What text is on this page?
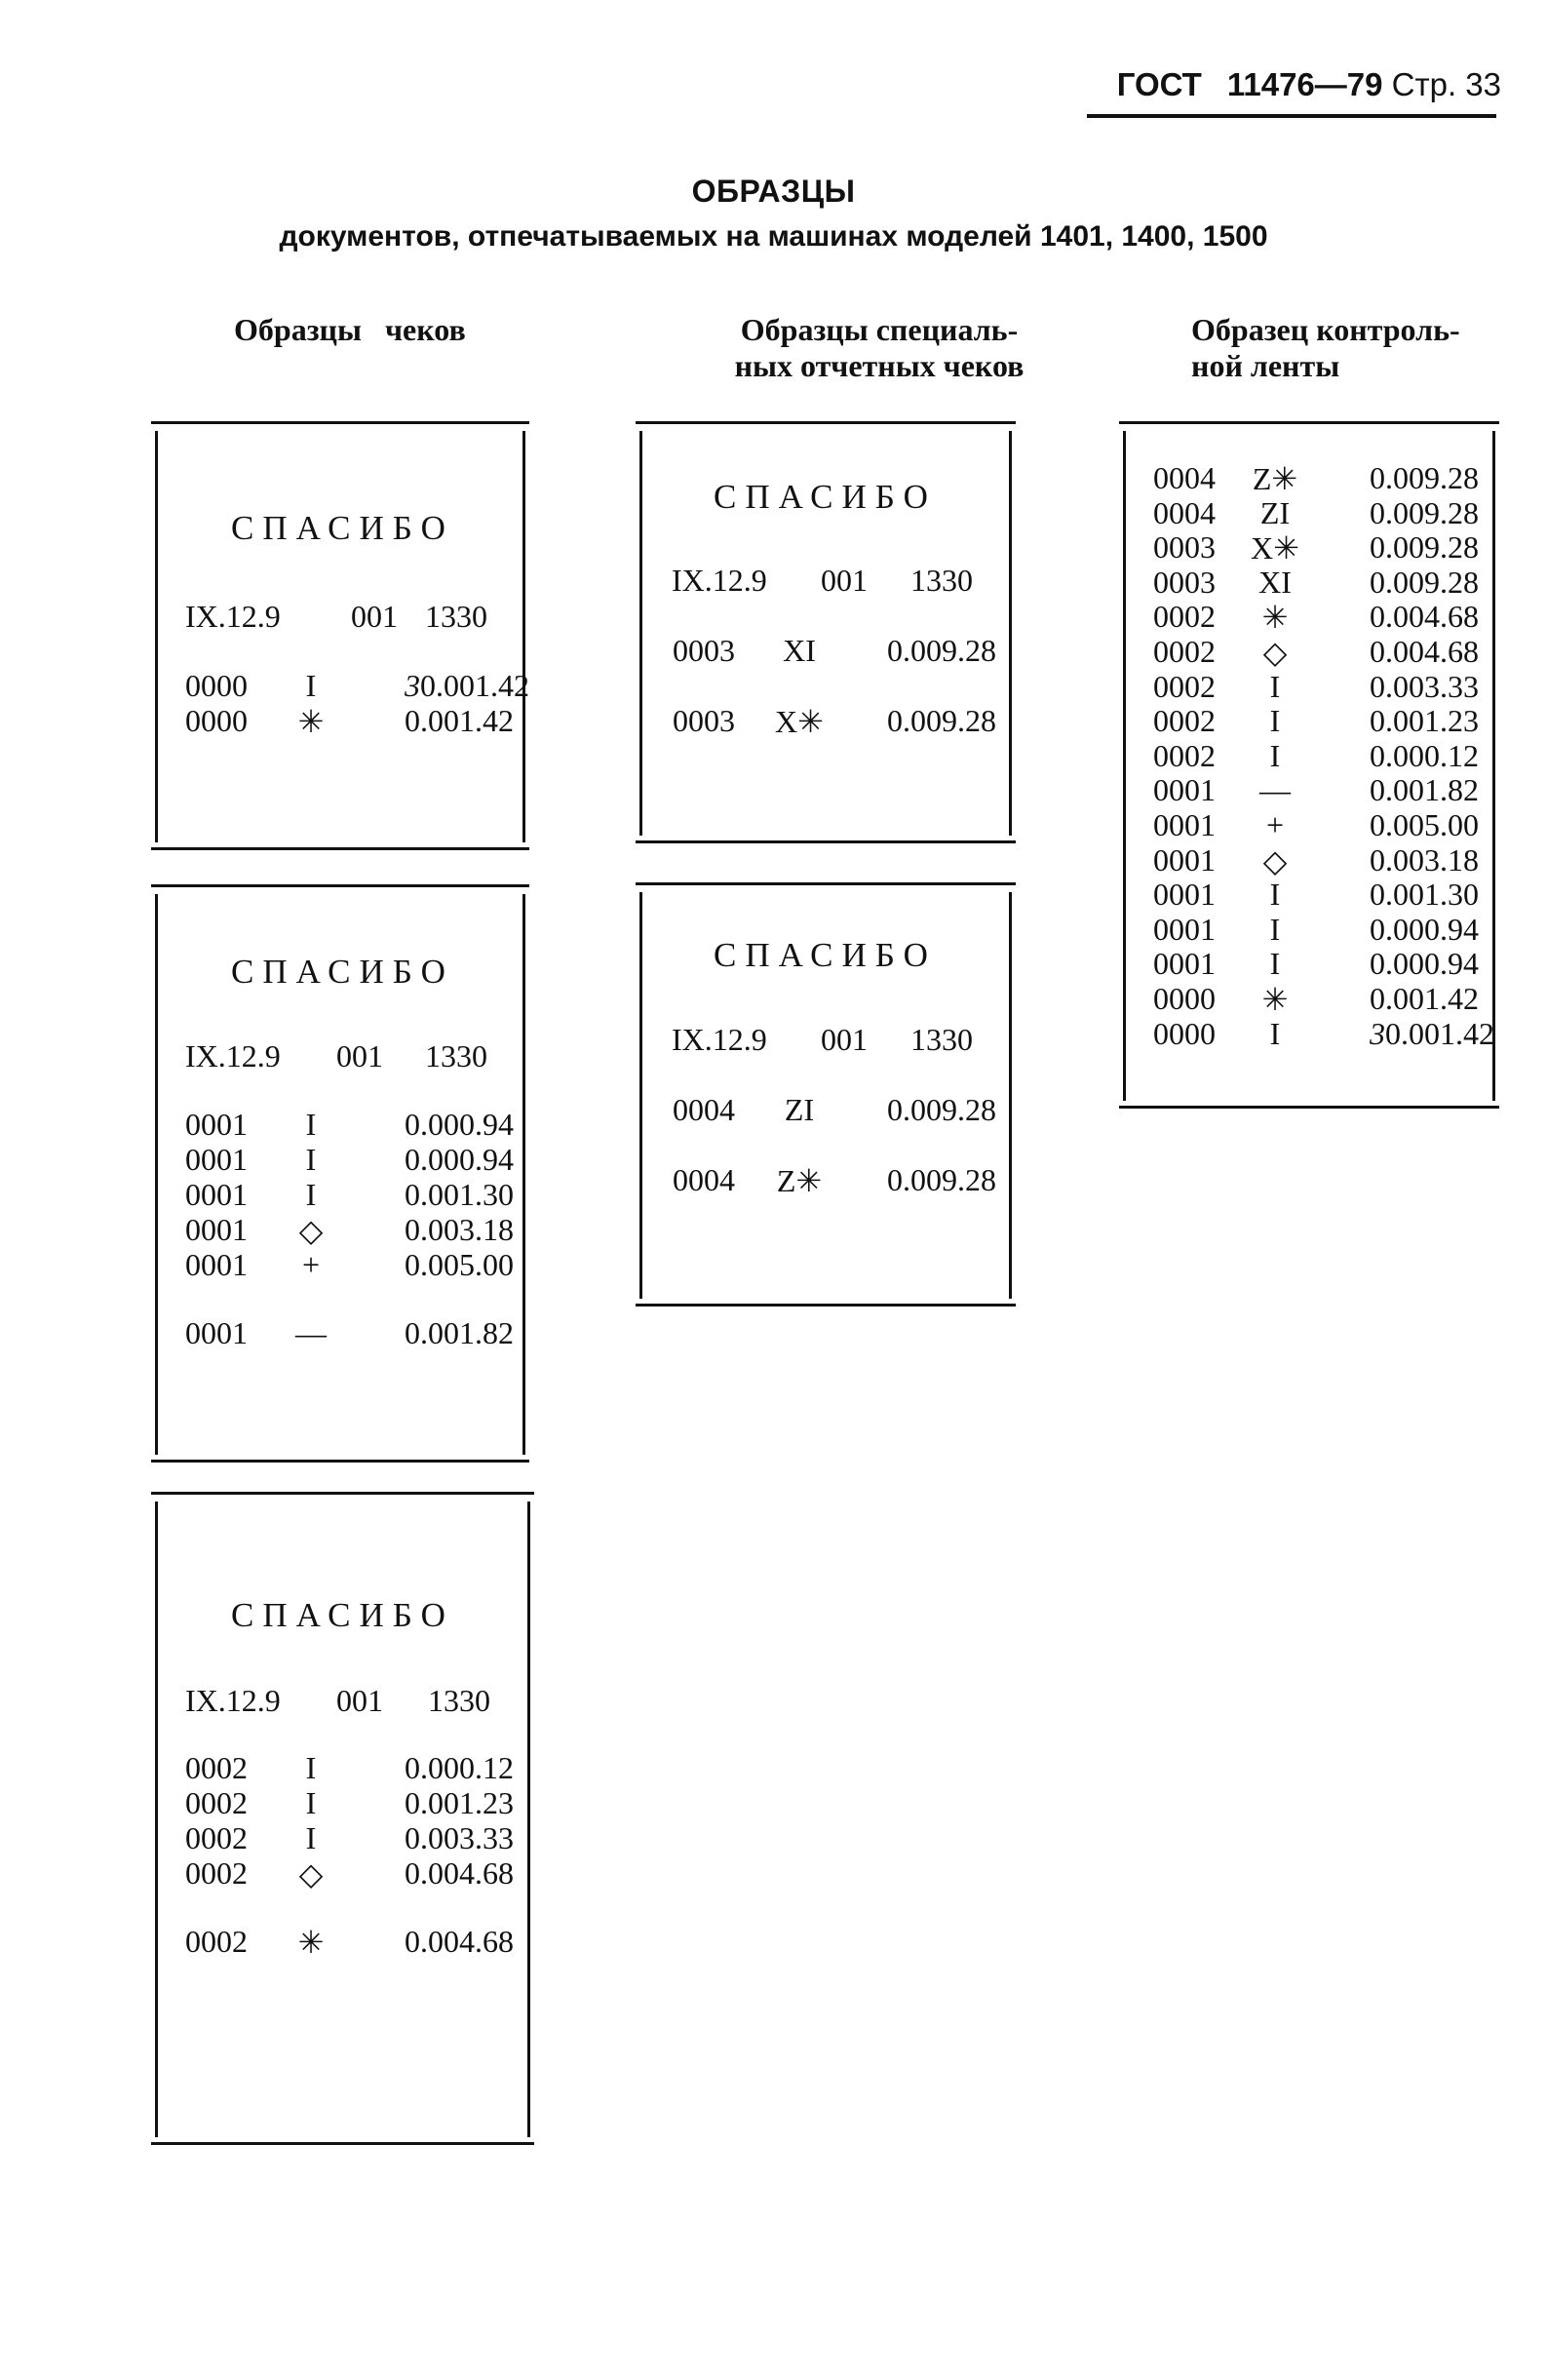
ГОСТ 11476—79 Стр. 33
ОБРАЗЦЫ
документов, отпечатываемых на машинах моделей 1401, 1400, 1500
Образцы   чеков	Образцы специаль-
ных отчетных чеков
Образец контроль-
ной ленты
СПАСИБО
IX.12.9 001 1330
0000	I	30.001.42
0000	✳	0.001.42
СПАСИБО
IX.12.9 001 1330
0001	I	0.000.94
0001	I	0.000.94
0001	I	0.001.30
0001	◇	0.003.18
0001	+	0.005.00
0001 —	0.001.82
СПАСИБО
IX.12.9 001 1330
0002	I	0.000.12
0002	I	0.001.23
0002	I	0.003.33
0002	◇	0.004.68
0002	✳	0.004.68
СПАСИБО
IX.12.9 001 1330
0003 XI 0.009.28
0003 X✳ 0.009.28
СПАСИБО
IX.12.9 001 1330
0004	ZI	0.009.28
0004 Z✳ 0.009.28
0004 Z✳ 0.009.28
0004	ZI	0.009.28
0003 X✳ 0.009.28
0003 XI	0.009.28
0002	✳	0.004.68
0002	◇	0.004.68
0002	I	0.003.33
0002	I	0.001.23
0002	I	0.000.12
0001 —	0.001.82
0001	+	0.005.00
0001	◇	0.003.18
0001	I	0.001.30
0001	I	0.000.94
0001	I	0.000.94
0000	✳	0.001.42
0000	I	30.001.42
